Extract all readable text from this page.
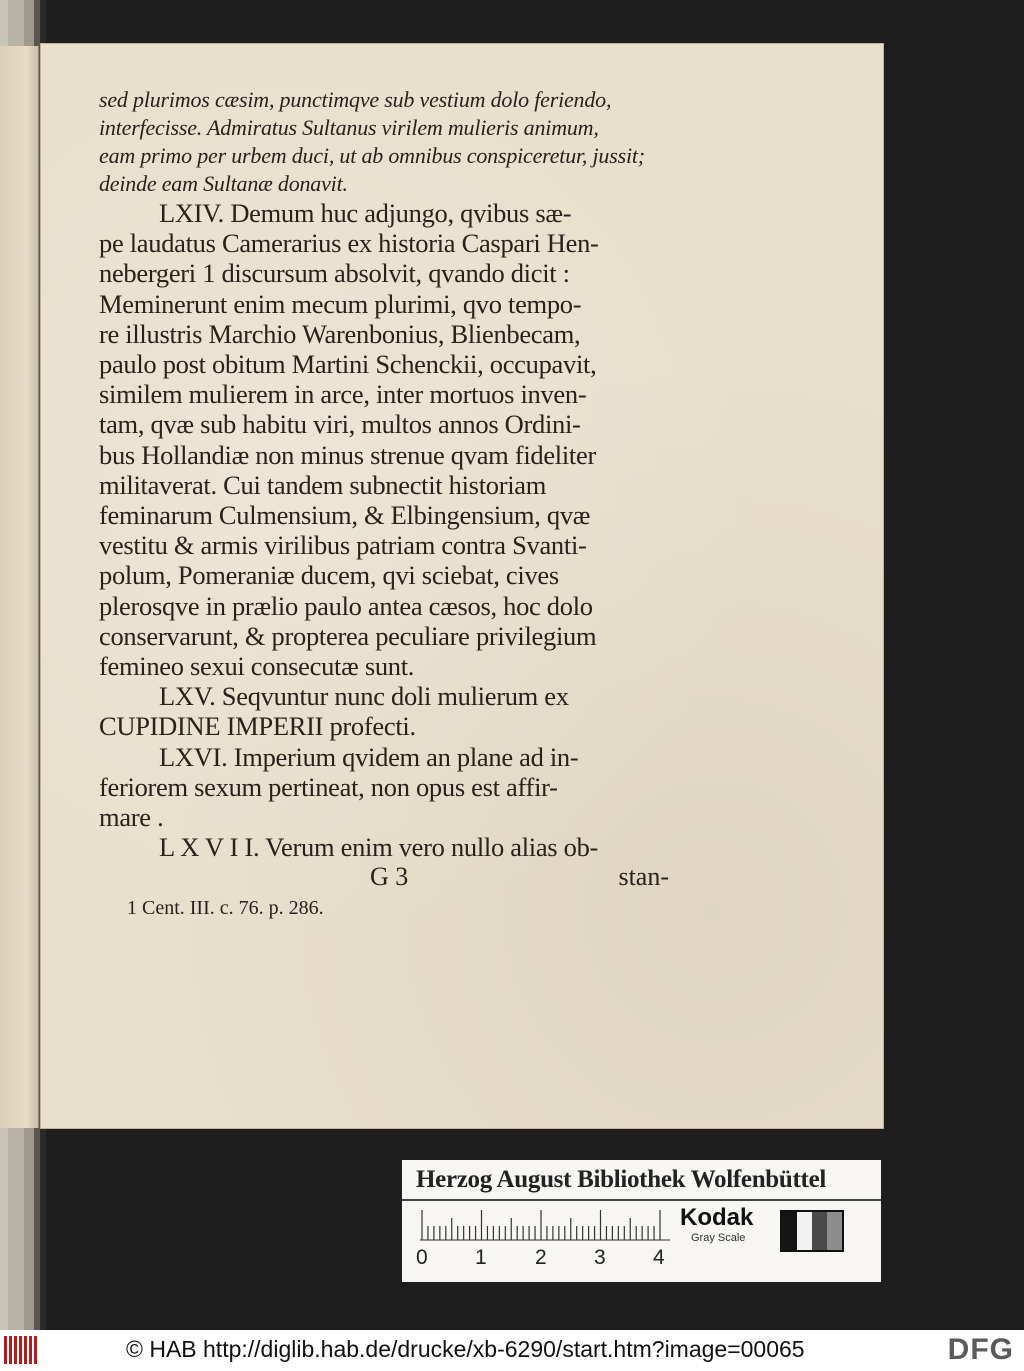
sed plurimos cæsim, punctimqve sub vestium dolo feriendo,
interfecisse. Admiratus Sultanus virilem mulieris animum,
eam primo per urbem duci, ut ab omnibus conspiceretur, jussit;
deinde eam Sultanæ donavit.
LXIV. Demum huc adjungo, qvibus sæ-
pe laudatus Camerarius ex historia Caspari Hen-
nebergeri 1 discursum absolvit, qvando dicit :
Meminerunt enim mecum plurimi, qvo tempo-
re illustris Marchio Warenbonius, Blienbecam,
paulo post obitum Martini Schenckii, occupavit,
similem mulierem in arce, inter mortuos inven-
tam, qvæ sub habitu viri, multos annos Ordini-
bus Hollandiæ non minus strenue qvam fideliter
militaverat. Cui tandem subnectit historiam
feminarum Culmensium, & Elbingensium, qvæ
vestitu & armis virilibus patriam contra Svanti-
polum, Pomeraniæ ducem, qvi sciebat, cives
plerosqve in prælio paulo antea cæsos, hoc dolo
conservarunt, & propterea peculiare privilegium
femineo sexui consecutæ sunt.
LXV. Seqvuntur nunc doli mulierum ex
CUPIDINE IMPERII profecti.
LXVI. Imperium qvidem an plane ad in-
feriorem sexum pertineat, non opus est affir-
mare .
L X V I I. Verum enim vero nullo alias ob-
G 3	stan-
1 Cent. III. c. 76. p. 286.
Herzog August Bibliothek Wolfenbüttel
0 1 2 3 4
Kodak
Gray Scale
© HAB http://diglib.hab.de/drucke/xb-6290/start.htm?image=00065	DFG
